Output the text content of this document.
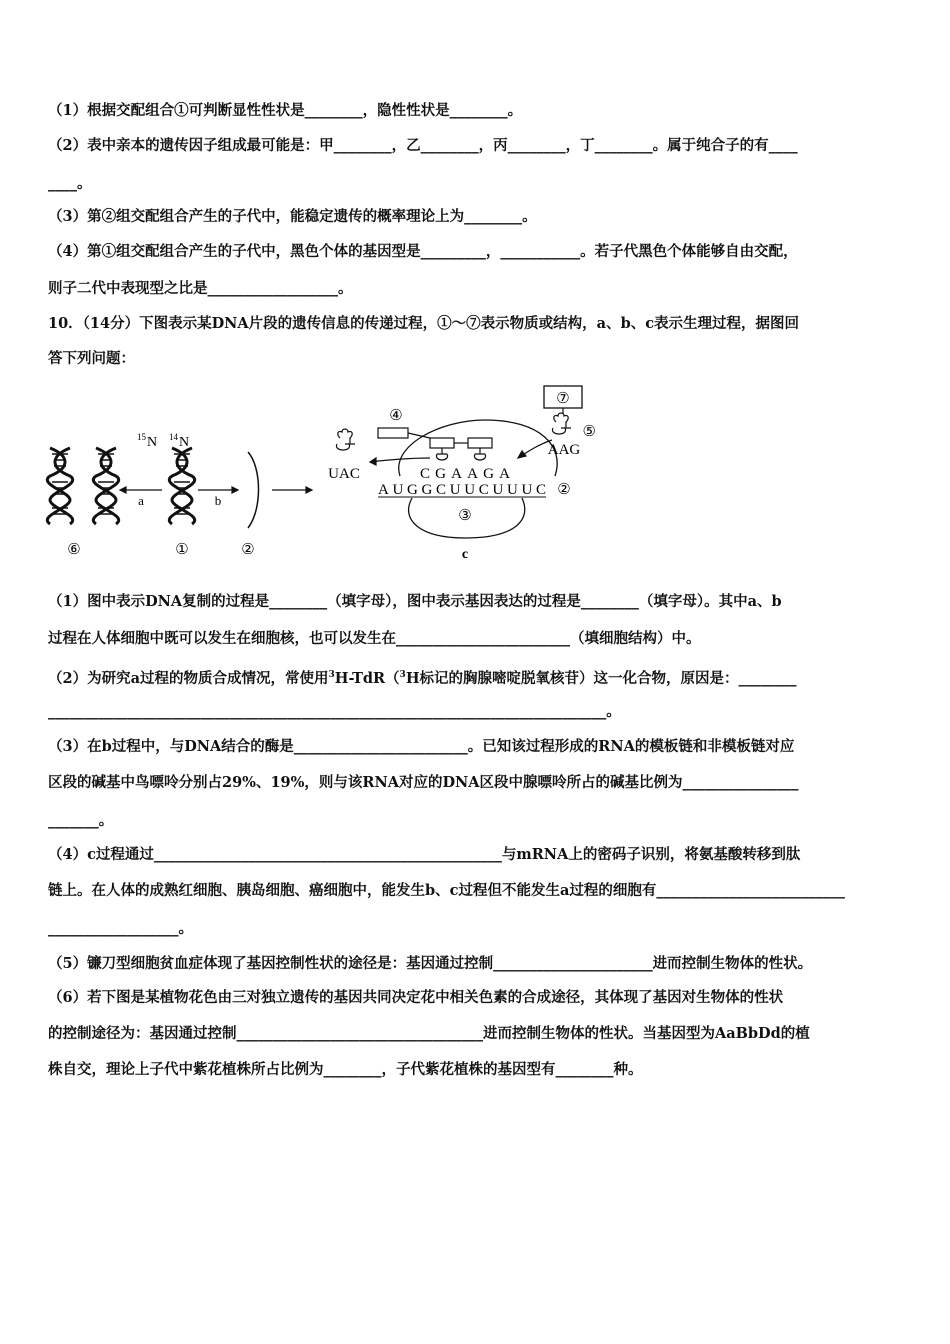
（1）根据交配组合①可判断显性性状是________，隐性性状是________。
（2）表中亲本的遗传因子组成最可能是：甲________，乙________，丙________，丁________。属于纯合子的有____
____。
（3）第②组交配组合产生的子代中，能稳定遗传的概率理论上为________。
（4）第①组交配组合产生的子代中，黑色个体的基因型是_________，___________。若子代黑色个体能够自由交配，
则子二代中表现型之比是__________________。
10．（14分）下图表示某DNA片段的遗传信息的传递过程，①～⑦表示物质或结构，a、b、c表示生理过程，据图回
答下列问题：
⑥
a
15 N 14 N
①
b
②
③
c
AUGGCUUCUUUC ②
CGAAGA
④
UAC
⑦
⑤
AAG
（1）图中表示DNA复制的过程是________（填字母），图中表示基因表达的过程是________（填字母）。其中a、b
过程在人体细胞中既可以发生在细胞核，也可以发生在________________________（填细胞结构）中。
（2）为研究a过程的物质合成情况，常使用$^3$H-TdR（$^3$H标记的胸腺嘧啶脱氧核苷）这一化合物，原因是：________
_____________________________________________________________________________。
（3）在b过程中，与DNA结合的酶是________________________。已知该过程形成的RNA的模板链和非模板链对应
区段的碱基中鸟嘌呤分别占29%、19%，则与该RNA对应的DNA区段中腺嘌呤所占的碱基比例为________________
_______。
（4）c过程通过________________________________________________与mRNA上的密码子识别，将氨基酸转移到肽
链上。在人体的成熟红细胞、胰岛细胞、癌细胞中，能发生b、c过程但不能发生a过程的细胞有__________________________
__________________。
（5）镰刀型细胞贫血症体现了基因控制性状的途径是：基因通过控制______________________进而控制生物体的性状。
（6）若下图是某植物花色由三对独立遗传的基因共同决定花中相关色素的合成途径，其体现了基因对生物体的性状
的控制途径为：基因通过控制__________________________________进而控制生物体的性状。当基因型为AaBbDd的植
株自交，理论上子代中紫花植株所占比例为________，子代紫花植株的基因型有________种。
